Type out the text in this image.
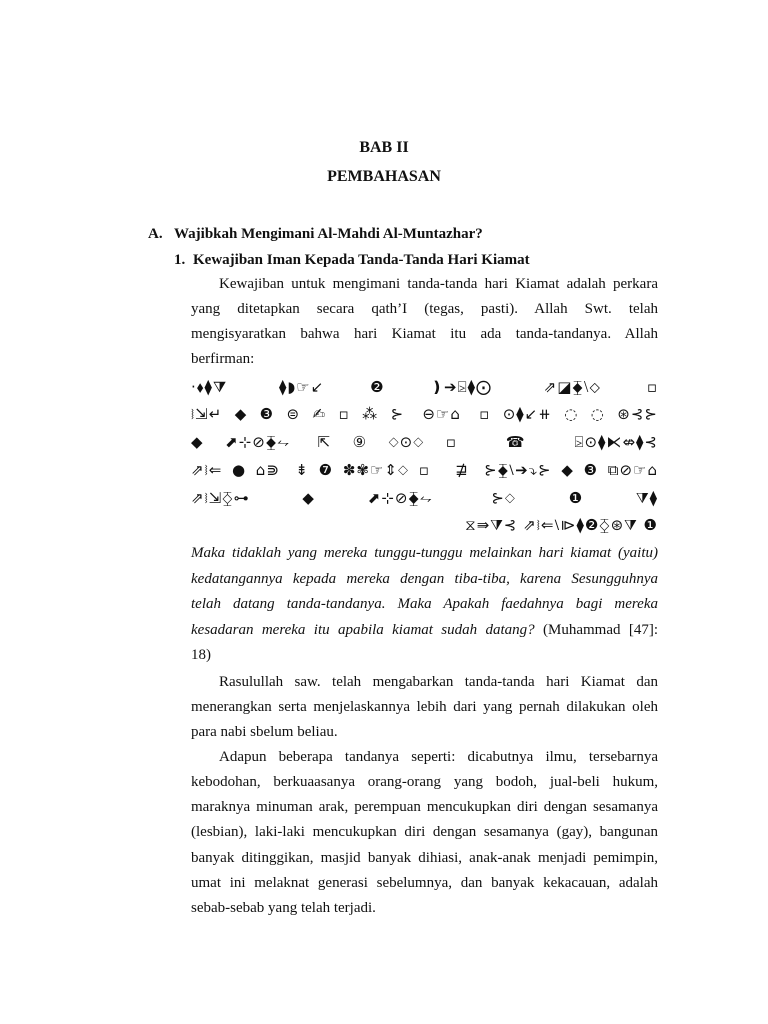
BAB II
PEMBAHASAN
A. Wajibkah Mengimani Al-Mahdi Al-Muntazhar?
1. Kewajiban Iman Kepada Tanda-Tanda Hari Kiamat
Kewajiban untuk mengimani tanda-tanda hari Kiamat adalah perkara
yang ditetapkan secara qath’I (tegas, pasti). Allah Swt. telah
mengisyaratkan bahwa hari Kiamat itu ada tanda-tandanya. Allah
berfirman:
·⬧⧫⧩ ⧫◗☞↙❷❫➔⍄⧫⨀ ⇗◪⧱⧵⬦▫
⧘⇲↵◆❸⊜✍▫⁂⊱ ⊖☞⌂ ▫⊙⧫↙⧺◌◌⊛⊰⊱
◆⬈⊹⊘⧱⥊ ⇱⑨⬦⊙⬦▫ ☎ ⍄⊙⧫⧔⇎⧫⊰
⇗⧘⇐●⌂⋑ ⇟❼✽✾☞⇕⬦▫ ⋣ ⊱⧱⧵➔⤵⊱◆❸⧉⊘☞⌂
⇗⧘⇲⧰⊶◆⬈⊹⊘⧱⥊ ⊱⬦❶⧩⧫
⧖⇛⧩⊰ ⇗⧘⇐⧵⧐⧫❷⧰⊛⧩ ❶
Maka tidaklah yang mereka tunggu-tunggu melainkan hari kiamat (yaitu)
kedatangannya kepada mereka dengan tiba-tiba, karena Sesungguhnya
telah datang tanda-tandanya. Maka Apakah faedahnya bagi mereka
kesadaran mereka itu apabila kiamat sudah datang? (Muhammad [47]:
18)
Rasulullah saw. telah mengabarkan tanda-tanda hari Kiamat dan
menerangkan serta menjelaskannya lebih dari yang pernah dilakukan oleh
para nabi sbelum beliau.
Adapun beberapa tandanya seperti: dicabutnya ilmu, tersebarnya
kebodohan, berkuaasanya orang-orang yang bodoh, jual-beli hukum,
maraknya minuman arak, perempuan mencukupkan diri dengan sesamanya
(lesbian), laki-laki mencukupkan diri dengan sesamanya (gay), bangunan
banyak ditinggikan, masjid banyak dihiasi, anak-anak menjadi pemimpin,
umat ini melaknat generasi sebelumnya, dan banyak kekacauan, adalah
sebab-sebab yang telah terjadi.
